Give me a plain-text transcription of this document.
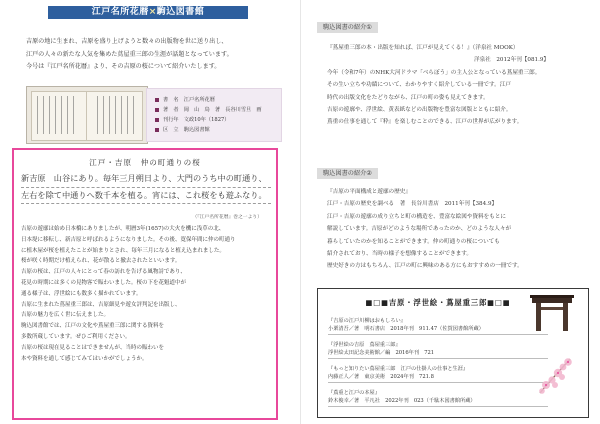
江戸名所花暦×駒込図書館
吉原の地に生まれ、吉原を盛り上げようと数々の出版物を世に送り出し、
江戸の人々の新たな人気を集めた蔦屋重三郎の生涯が話題となっています。
今号は『江戸名所花暦』より、その吉原の桜について紹介いたします。
書　名　江戸名所花暦
著　者　岡　山　鳥　著　長谷川雪旦　画
刊行年　文政10年（1827）
区　立　駒込図書館
江戸・吉原　仲の町通りの桜
新吉原　山谷にあり。毎年三月朔日より、大門のうち中の町通り、
左右を除て中通りへ数千本を植る。宵には、これ桜をも遊ふなり。
（『江戸名所花暦』巻之一より）
吉原の遊廓は始め日本橋にありましたが、明暦3年(1657)の大火を機に浅草の北、
日本堤に移転し、新吉原と呼ばれるようになりました。その後、寛保年間に仲の町通り
に植木屋が桜を植えたことが始まりとされ、毎年三月になると植え込まれました。
桜が咲く時期だけ植えられ、花が散ると撤去されたといいます。
吉原の桜は、江戸の人々にとって春の訪れを告げる風物詩であり、
花見の時期には多くの見物客で賑わいました。桜の下を花魁道中が
通る様子は、浮世絵にも数多く描かれています。
吉原に生まれた蔦屋重三郎は、吉原細見や遊女評判記を出版し、
吉原の魅力を広く世に伝えました。
駒込図書館では、江戸の文化や蔦屋重三郎に関する資料を
多数所蔵しています。ぜひご利用ください。
吉原の桜は現在見ることはできませんが、当時の賑わいを
本や資料を通して感じてみてはいかがでしょうか。
駒込図書の紹介①
『蔦屋重三郎の本・出版を知れば、江戸が見えてくる！』（洋泉社 MOOK）
洋泉社　2012年刊【081.9】
今年（令和7年）のNHK大河ドラマ「べらぼう」の主人公となっている蔦屋重三郎。
その生い立ちや功績について、わかりやすく紹介している一冊です。江戸
時代の出版文化をたどりながら、江戸の町の姿も見えてきます。
吉原の遊廓や、浮世絵、黄表紙などの出版物を豊富な図版とともに紹介。
蔦重の仕事を通して『粋』を楽しむことのできる、江戸の世界が広がります。
駒込図書の紹介②
『吉原の平面構成と遊廓の歴史』
江戸・吉原の歴史を調べる　著　長谷川書店　2011年刊【384.9】
江戸・吉原の遊廓の成り立ちと町の構造を、豊富な絵図や資料をもとに
解説しています。吉原がどのような場所であったのか、どのような人々が
暮らしていたのかを知ることができます。仲の町通りの桜についても
紹介されており、当時の様子を想像することができます。
歴史好きの方はもちろん、江戸の町に興味のある方にもおすすめの一冊です。
■□■吉原・浮世絵・蔦屋重三郎■□■
『吉原の江戸川柳はおもしろい』
小栗清吾／著　明石書店　2018年刊　911.47（佐賀図書館所蔵）
『浮世絵の吉原　蔦屋重三郎』
浮世絵太田記念美術館／編　2016年刊　721
『もっと知りたい蔦屋重三郎　江戸の仕掛人の仕事と生涯』
内藤正人／著　東京美術　2024年刊　721.8
『蔦重と江戸の本屋』
鈴木俊幸／著　平凡社　2022年刊　023（千駄木図書館所蔵）
